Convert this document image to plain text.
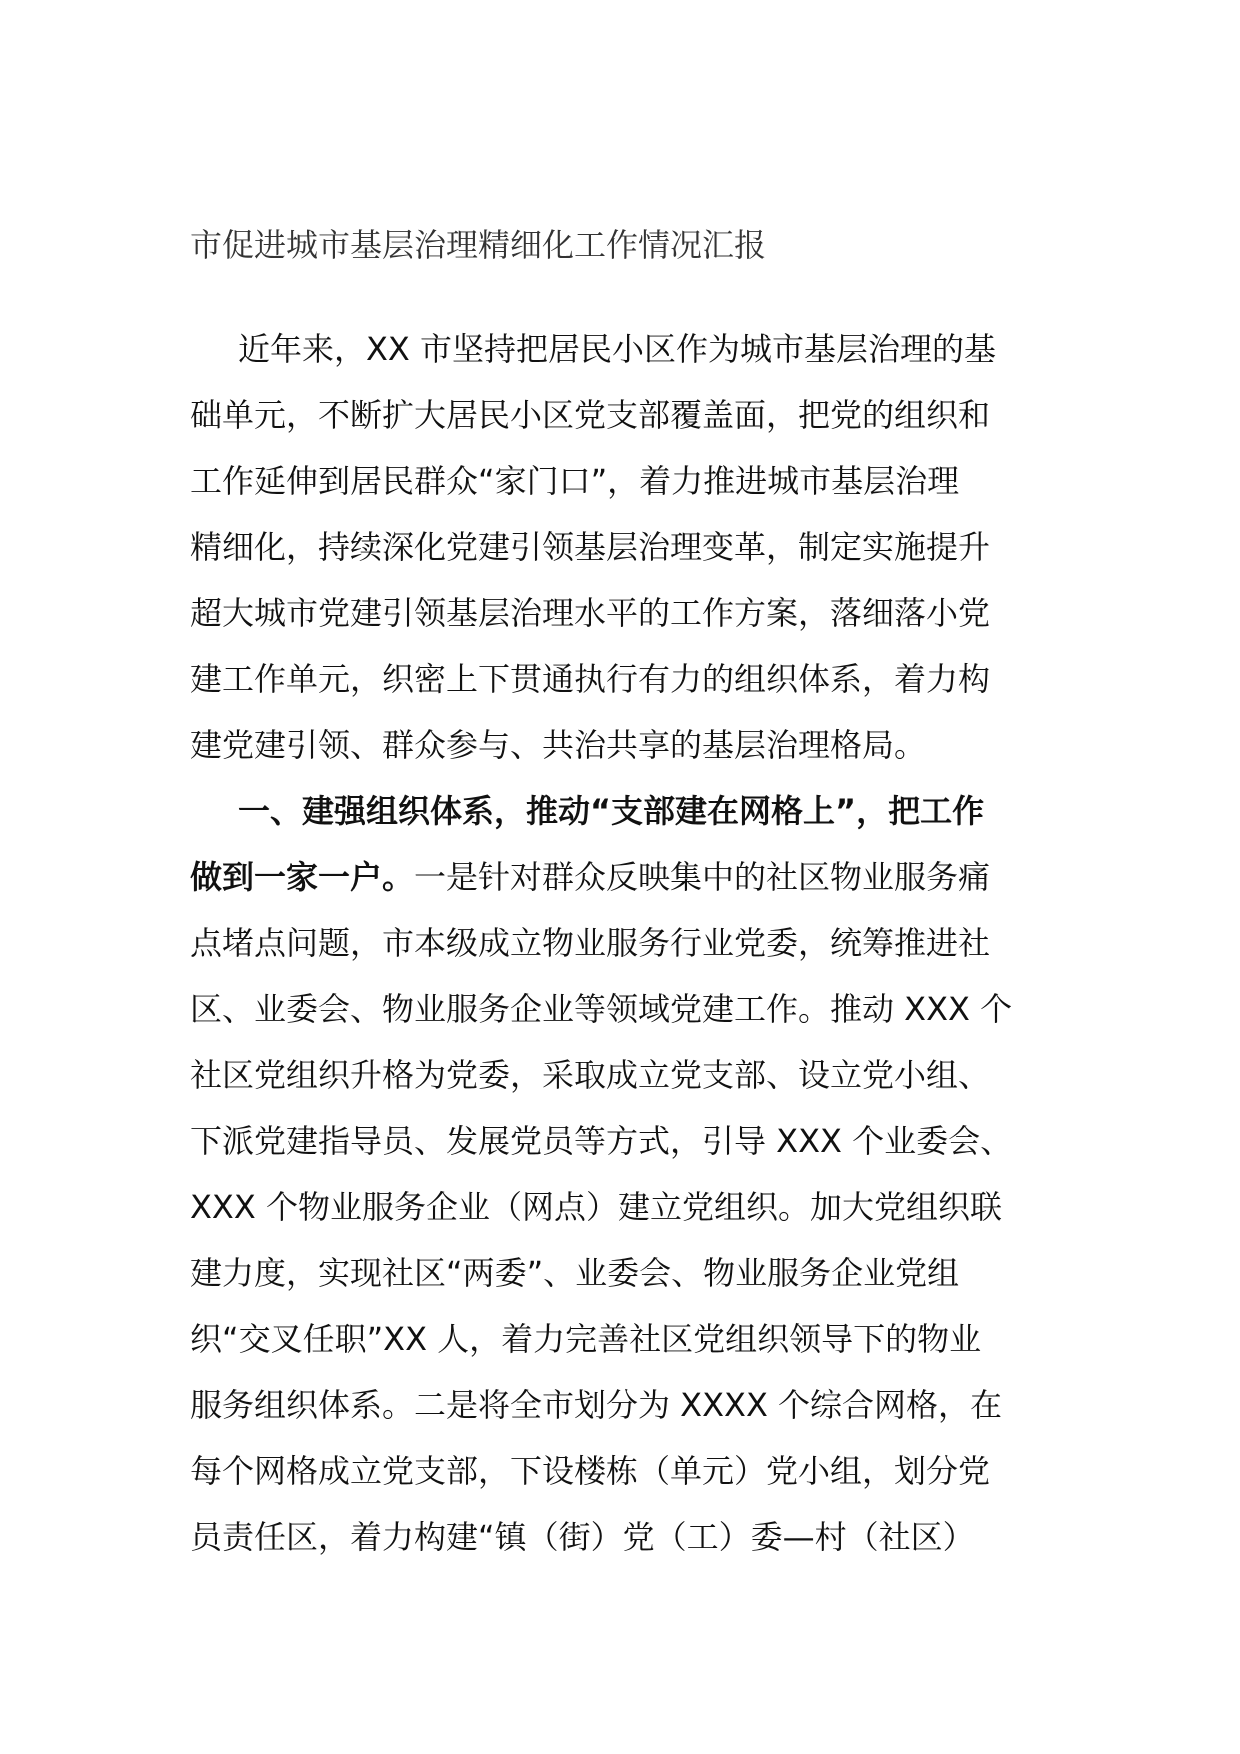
市促进城市基层治理精细化工作情况汇报
近年来，XX 市坚持把居民小区作为城市基层治理的基
础单元，不断扩大居民小区党支部覆盖面，把党的组织和
工作延伸到居民群众“家门口”，着力推进城市基层治理
精细化，持续深化党建引领基层治理变革，制定实施提升
超大城市党建引领基层治理水平的工作方案，落细落小党
建工作单元，织密上下贯通执行有力的组织体系，着力构
建党建引领、群众参与、共治共享的基层治理格局。
一、建强组织体系，推动“支部建在网格上”，把工作
做到一家一户。一是针对群众反映集中的社区物业服务痛
点堵点问题，市本级成立物业服务行业党委，统筹推进社
区、业委会、物业服务企业等领域党建工作。推动 XXX 个
社区党组织升格为党委，采取成立党支部、设立党小组、
下派党建指导员、发展党员等方式，引导 XXX 个业委会、
XXX 个物业服务企业（网点）建立党组织。加大党组织联
建力度，实现社区“两委”、业委会、物业服务企业党组
织“交叉任职”XX 人，着力完善社区党组织领导下的物业
服务组织体系。二是将全市划分为 XXXX 个综合网格，在
每个网格成立党支部，下设楼栋（单元）党小组，划分党
员责任区，着力构建“镇（街）党（工）委—村（社区）
